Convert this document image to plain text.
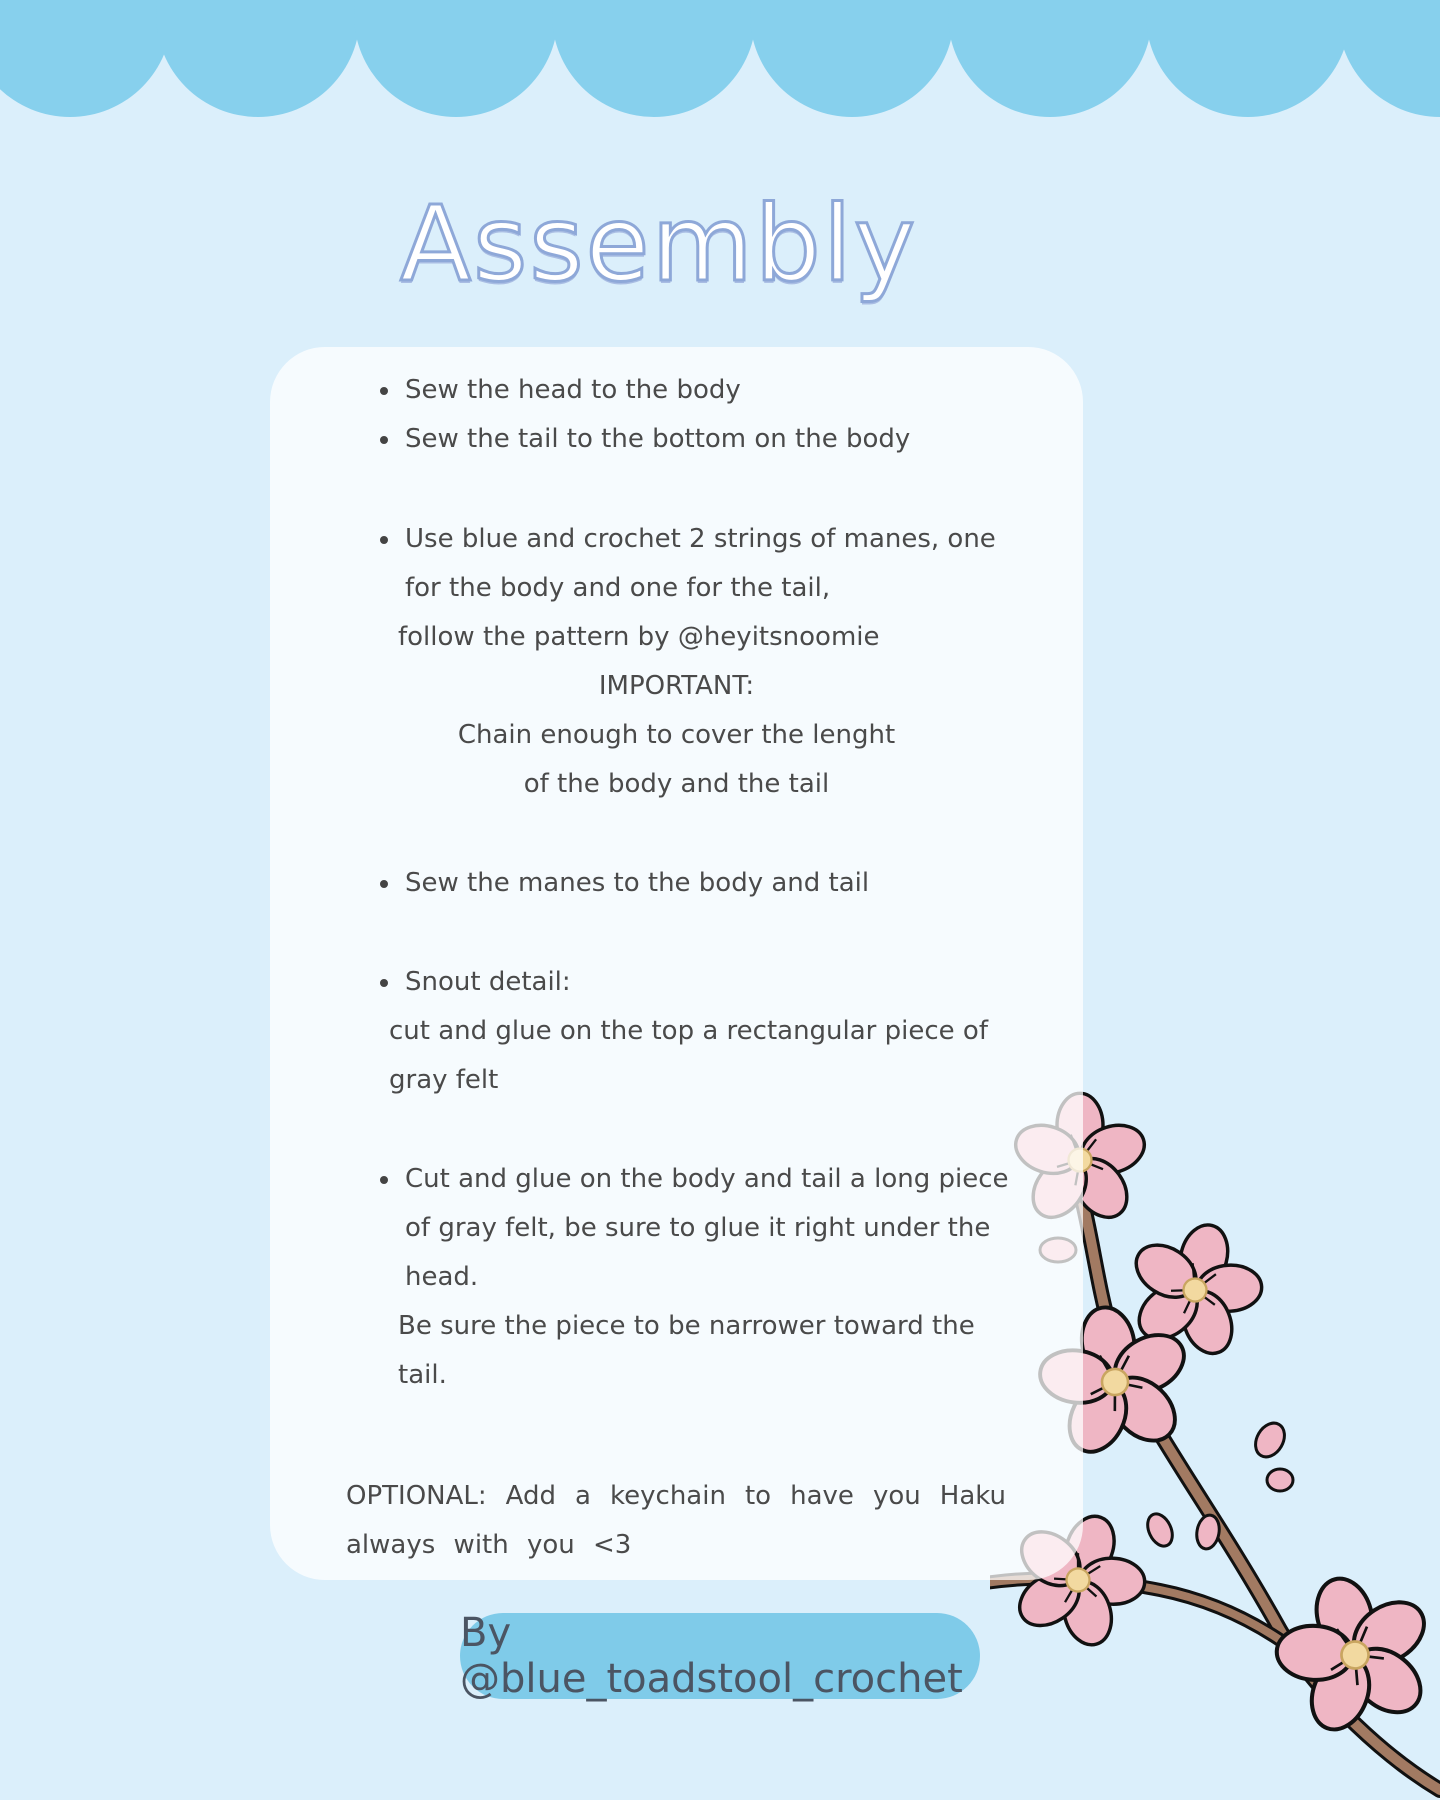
Assembly
Sew the head to the body
Sew the tail to the bottom on the body
Use blue and crochet 2 strings of manes, one
for the body and one for the tail,
follow the pattern by @heyitsnoomie
IMPORTANT:
Chain enough to cover the lenght
of the body and the tail
Sew the manes to the body and tail
Snout detail:
cut and glue on the top a rectangular piece of
gray felt
Cut and glue on the body and tail a long piece
of gray felt, be sure to glue it right under the
head.
Be sure the piece to be narrower toward the
tail.
OPTIONAL: Add a keychain to have you Haku always with you <3
By @blue_toadstool_crochet
